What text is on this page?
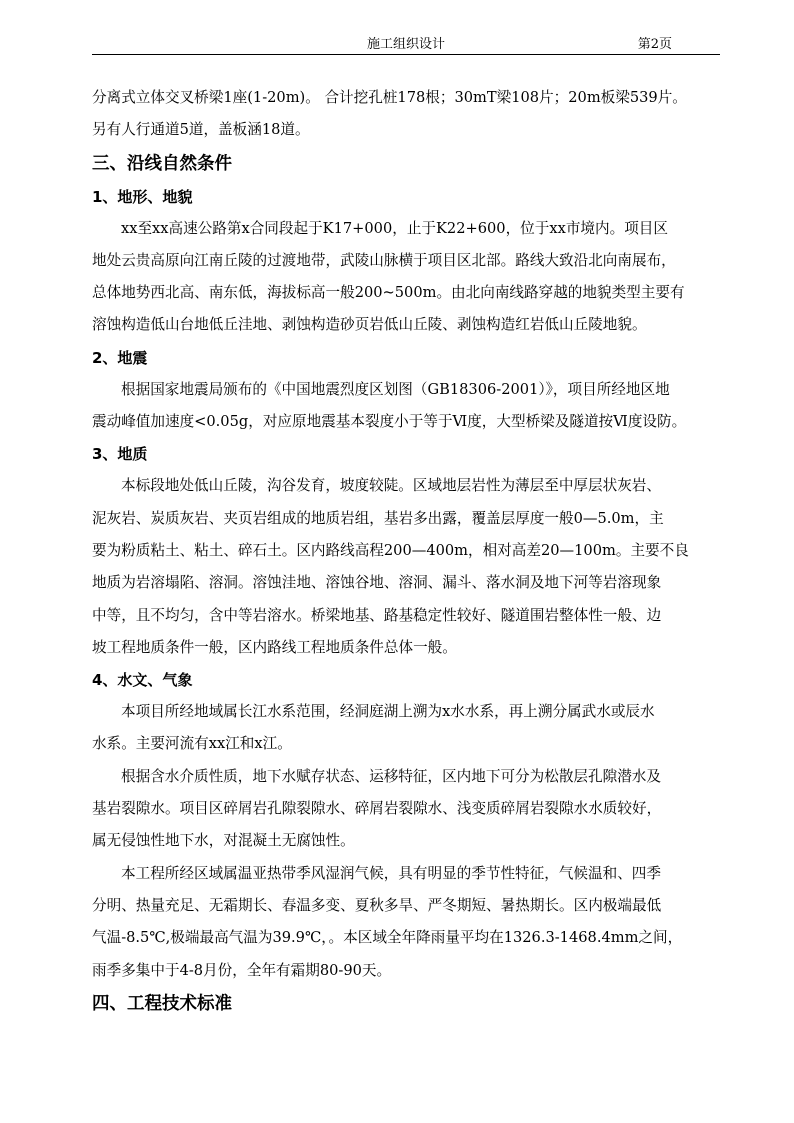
施工组织设计	第2页

分离式立体交叉桥梁1座(1-20m)。 合计挖孔桩178根；30mT梁108片；20m板梁539片。

另有人行通道5道，盖板涵18道。

三、沿线自然条件
1、地形、地貌

xx至xx高速公路第x合同段起于K17+000，止于K22+600，位于xx市境内。项目区

地处云贵高原向江南丘陵的过渡地带，武陵山脉横于项目区北部。路线大致沿北向南展布，

总体地势西北高、南东低，海拔标高一般200~500m。由北向南线路穿越的地貌类型主要有

溶蚀构造低山台地低丘洼地、剥蚀构造砂页岩低山丘陵、剥蚀构造红岩低山丘陵地貌。

2、地震

根据国家地震局颁布的《中国地震烈度区划图（GB18306-2001）》，项目所经地区地

震动峰值加速度<0.05g，对应原地震基本裂度小于等于Ⅵ度，大型桥梁及隧道按Ⅵ度设防。

3、地质

本标段地处低山丘陵，沟谷发育，坡度较陡。区域地层岩性为薄层至中厚层状灰岩、

泥灰岩、炭质灰岩、夹页岩组成的地质岩组，基岩多出露，覆盖层厚度一般0—5.0m，主

要为粉质粘土、粘土、碎石土。区内路线高程200—400m，相对高差20—100m。主要不良

地质为岩溶塌陷、溶洞。溶蚀洼地、溶蚀谷地、溶洞、漏斗、落水洞及地下河等岩溶现象

中等，且不均匀，含中等岩溶水。桥梁地基、路基稳定性较好、隧道围岩整体性一般、边

坡工程地质条件一般，区内路线工程地质条件总体一般。

4、水文、气象

本项目所经地域属长江水系范围，经洞庭湖上溯为x水水系，再上溯分属武水或辰水

水系。主要河流有xx江和x江。

根据含水介质性质，地下水赋存状态、运移特征，区内地下可分为松散层孔隙潜水及

基岩裂隙水。项目区碎屑岩孔隙裂隙水、碎屑岩裂隙水、浅变质碎屑岩裂隙水水质较好，

属无侵蚀性地下水，对混凝土无腐蚀性。

本工程所经区域属温亚热带季风湿润气候，具有明显的季节性特征，气候温和、四季

分明、热量充足、无霜期长、春温多变、夏秋多旱、严冬期短、暑热期长。区内极端最低

气温-8.5℃,极端最高气温为39.9℃，。本区域全年降雨量平均在1326.3-1468.4mm之间，

雨季多集中于4-8月份，全年有霜期80-90天。

四、工程技术标准
